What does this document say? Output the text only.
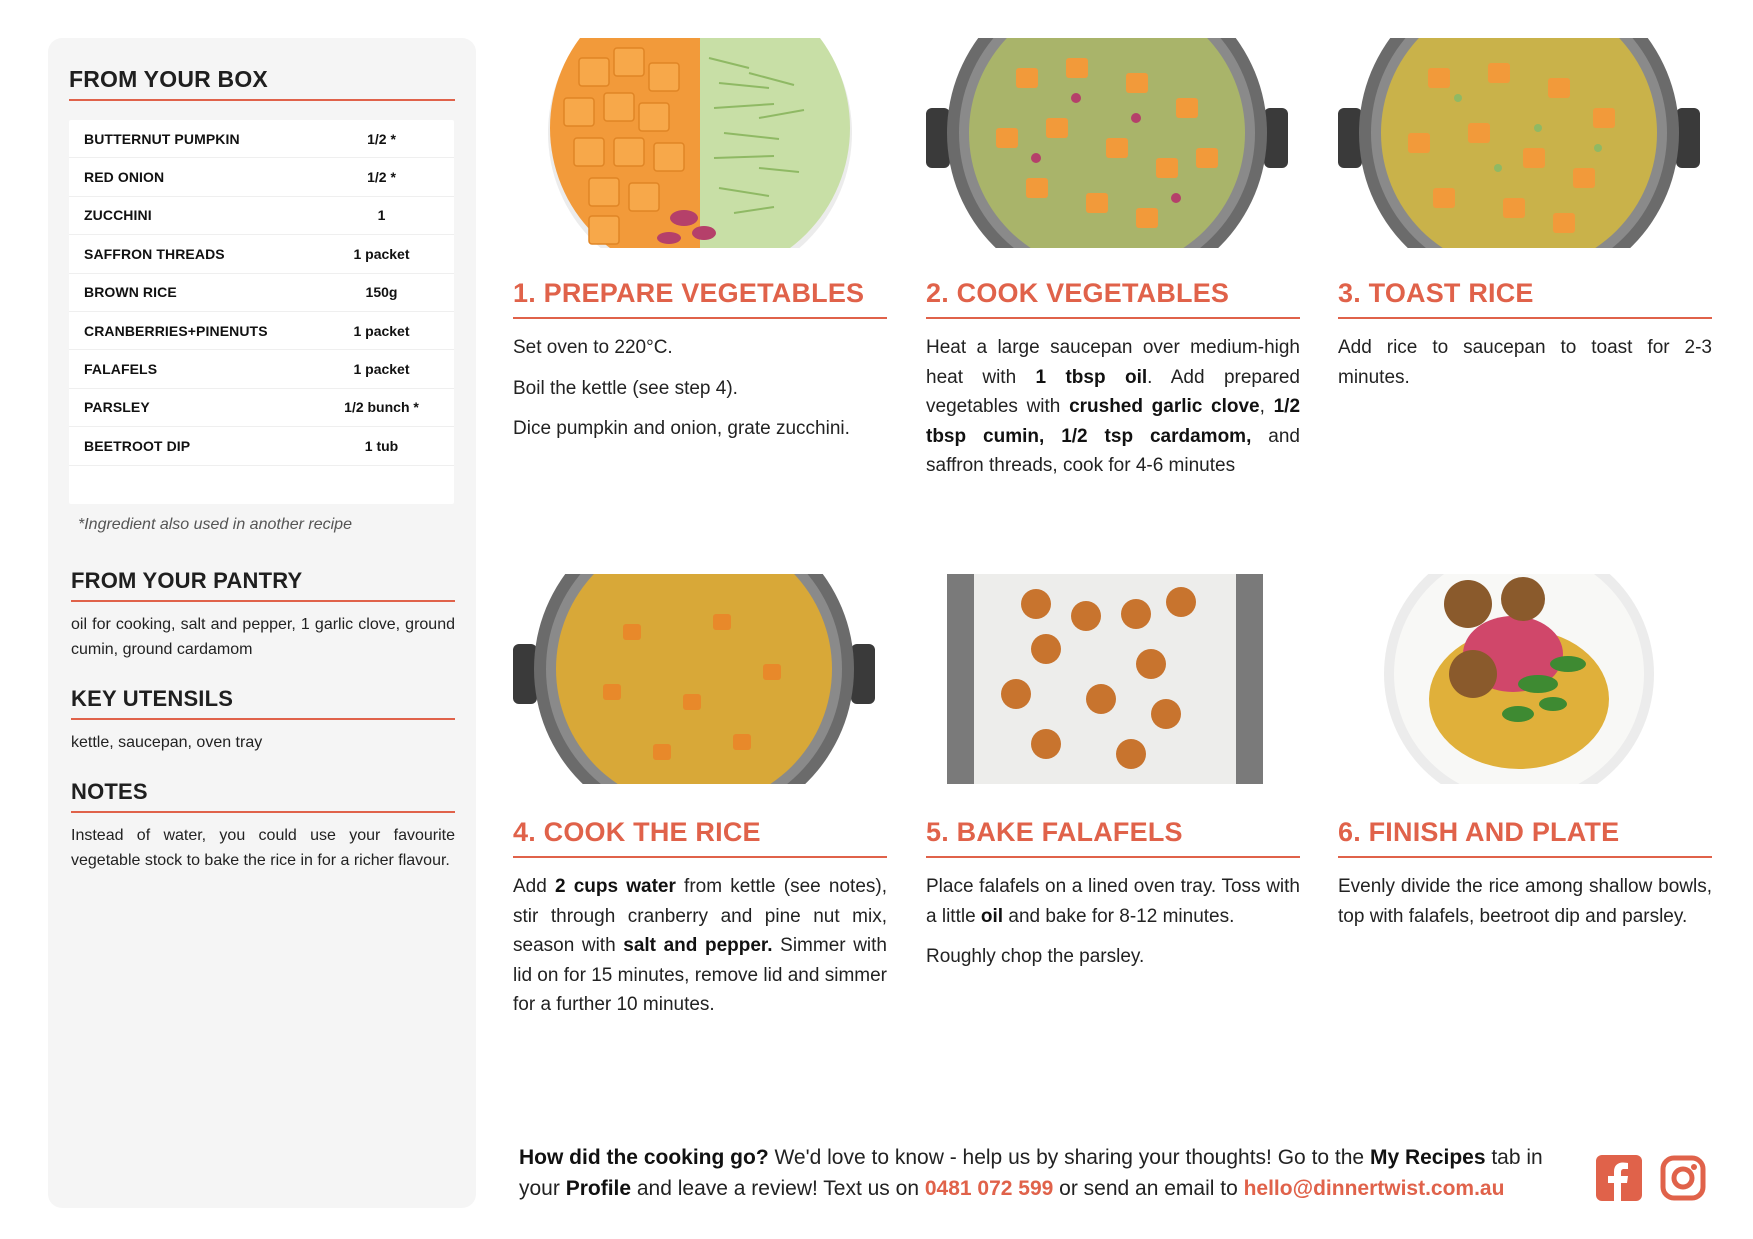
FROM YOUR BOX
BUTTERNUT PUMPKIN	1/2 *
RED ONION	1/2 *
ZUCCHINI	1
SAFFRON THREADS	1 packet
BROWN RICE	150g
CRANBERRIES+PINENUTS	1 packet
FALAFELS	1 packet
PARSLEY	1/2 bunch *
BEETROOT DIP	1 tub
*Ingredient also used in another recipe
FROM YOUR PANTRY
oil for cooking, salt and pepper, 1 garlic clove, ground cumin, ground cardamom
KEY UTENSILS
kettle, saucepan, oven tray
NOTES
Instead of water, you could use your favourite vegetable stock to bake the rice in for a richer flavour.
1. PREPARE VEGETABLES

Set oven to 220°C.

Boil the kettle (see step 4).

Dice pumpkin and onion, grate zucchini.

2. COOK VEGETABLES

Heat a large saucepan over medium-high heat with 1 tbsp oil. Add prepared vegetables with crushed garlic clove, 1/2 tbsp cumin, 1/2 tsp cardamom, and saffron threads, cook for 4-6 minutes

3. TOAST RICE

Add rice to saucepan to toast for 2-3 minutes.

4. COOK THE RICE

Add 2 cups water from kettle (see notes), stir through cranberry and pine nut mix, season with salt and pepper. Simmer with lid on for 15 minutes, remove lid and simmer for a further 10 minutes.

5. BAKE FALAFELS

Place falafels on a lined oven tray. Toss with a little oil and bake for 8-12 minutes.

Roughly chop the parsley.

6. FINISH AND PLATE

Evenly divide the rice among shallow bowls, top with falafels, beetroot dip and parsley.

How did the cooking go? We'd love to know - help us by sharing your thoughts! Go to the My Recipes tab in your Profile and leave a review! Text us on 0481 072 599 or send an email to hello@dinnertwist.com.au
